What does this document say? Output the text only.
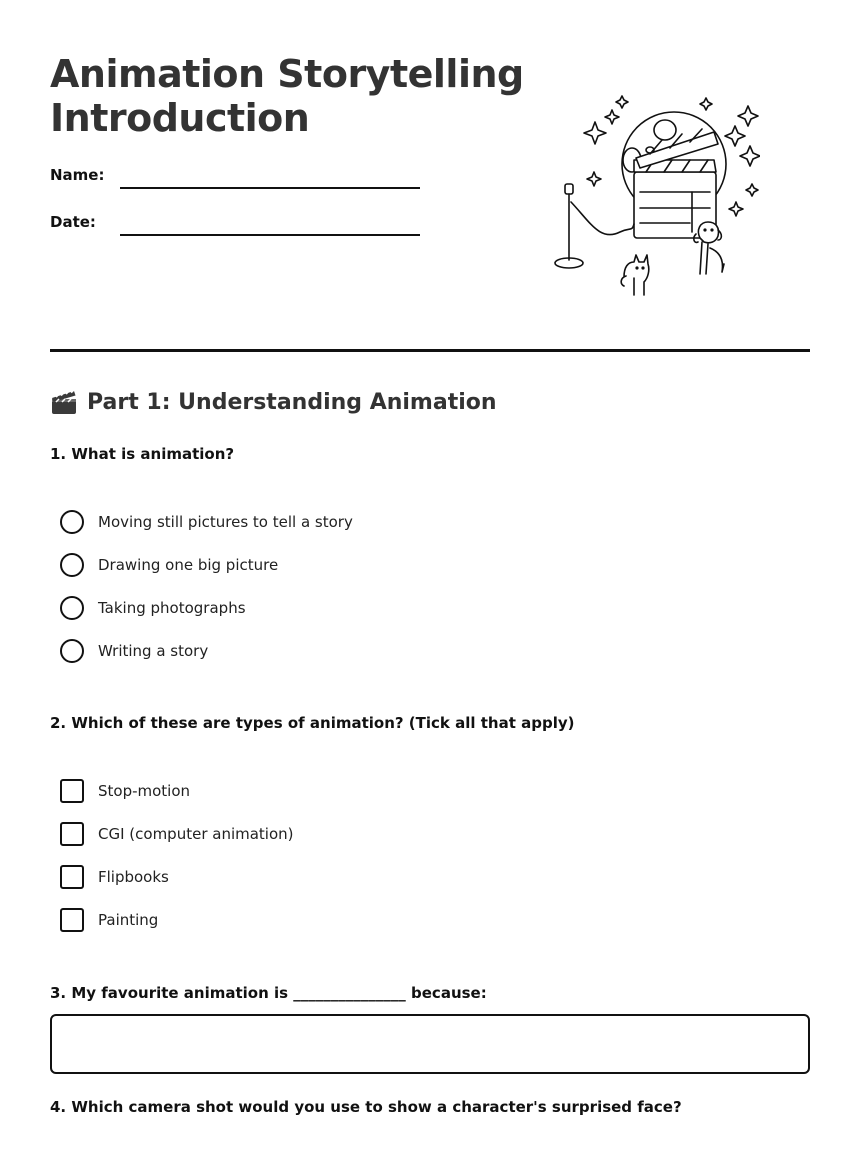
Animation Storytelling
Introduction
Name:
Date:
Part 1: Understanding Animation

1. What is animation?

Moving still pictures to tell a story
Drawing one big picture
Taking photographs
Writing a story

2. Which of these are types of animation? (Tick all that apply)

Stop-motion
CGI (computer animation)
Flipbooks
Painting

3. My favourite animation is _______________ because:

4. Which camera shot would you use to show a character's surprised face?
